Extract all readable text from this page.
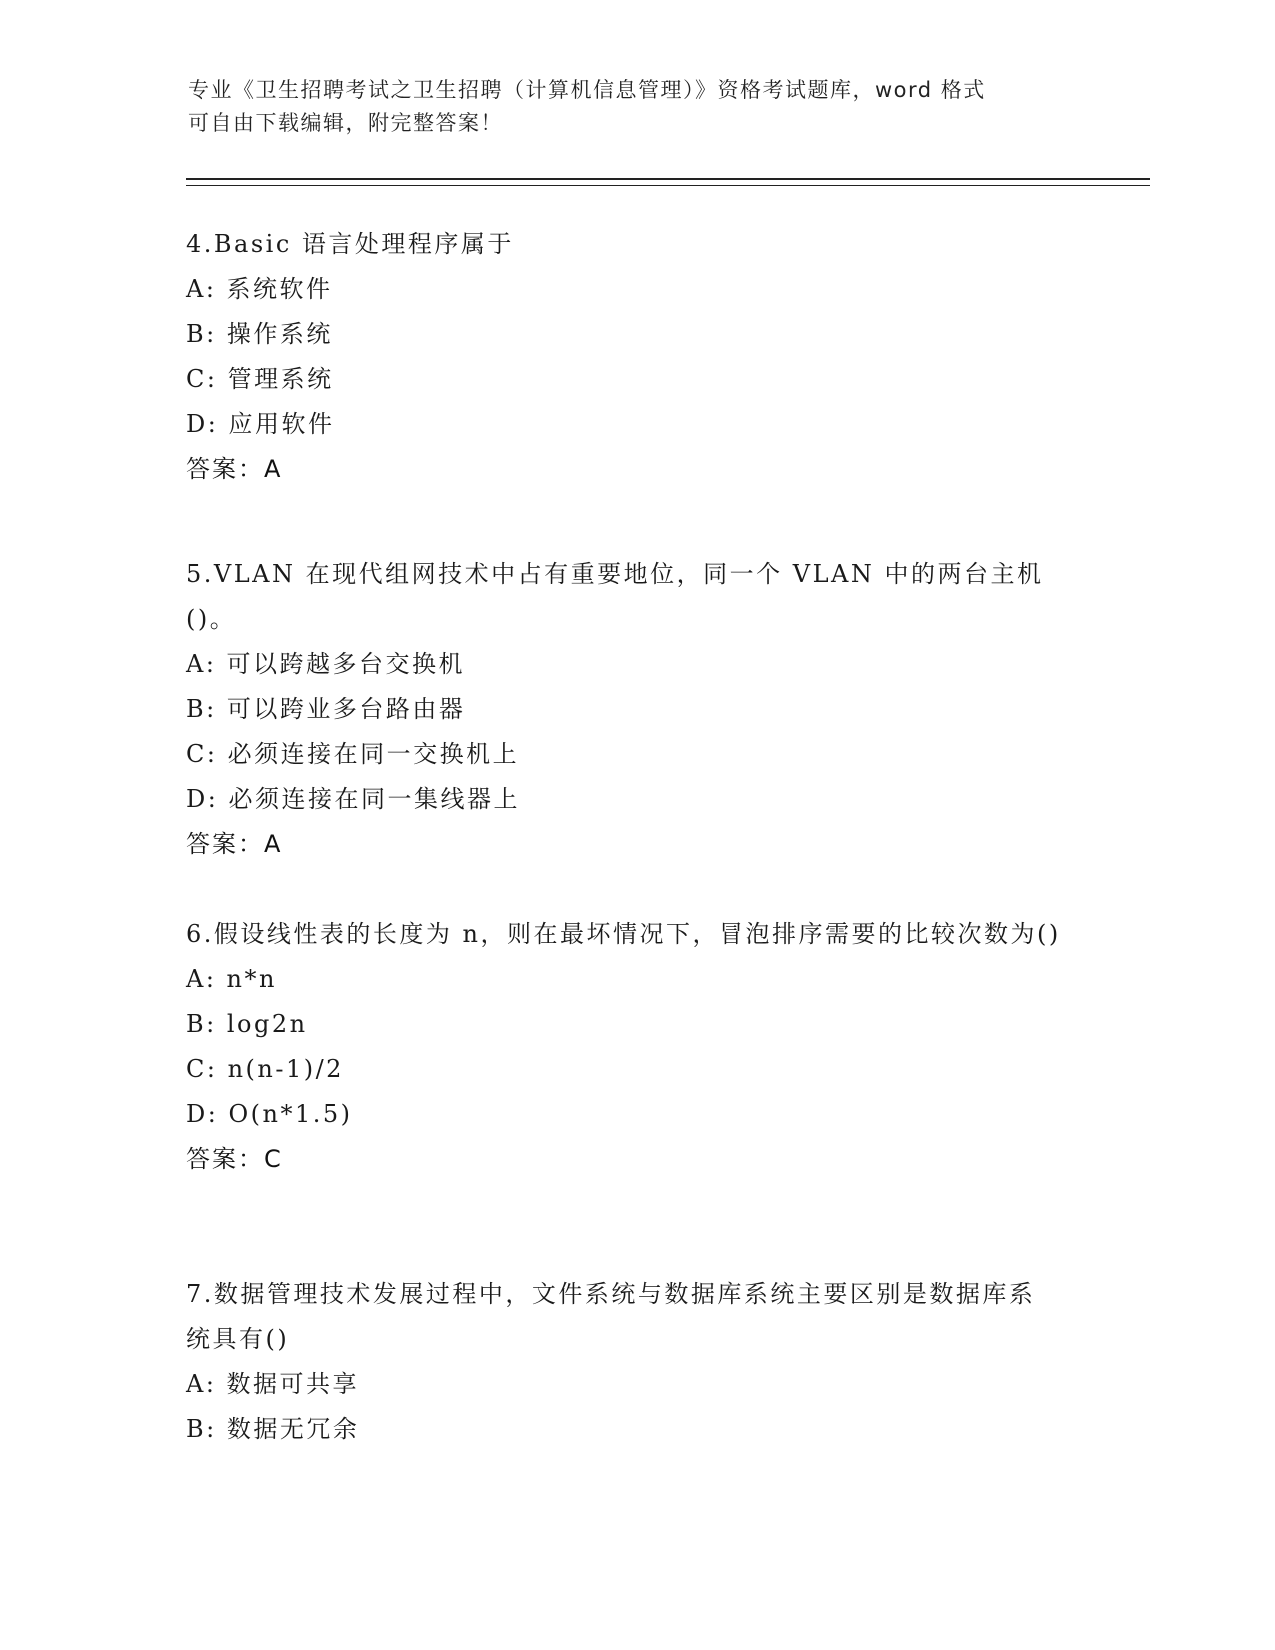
专业《卫生招聘考试之卫生招聘（计算机信息管理）》资格考试题库，word 格式
可自由下载编辑，附完整答案！
4.Basic 语言处理程序属于
A: 系统软件
B: 操作系统
C: 管理系统
D: 应用软件
答案：A
5.VLAN 在现代组网技术中占有重要地位，同一个 VLAN 中的两台主机()。
A: 可以跨越多台交换机
B: 可以跨业多台路由器
C: 必须连接在同一交换机上
D: 必须连接在同一集线器上
答案：A
6.假设线性表的长度为 n，则在最坏情况下，冒泡排序需要的比较次数为()
A: n*n
B: log2n
C: n(n-1)/2
D: O(n*1.5)
答案：C
7.数据管理技术发展过程中，文件系统与数据库系统主要区别是数据库系统具有()
A: 数据可共享
B: 数据无冗余
